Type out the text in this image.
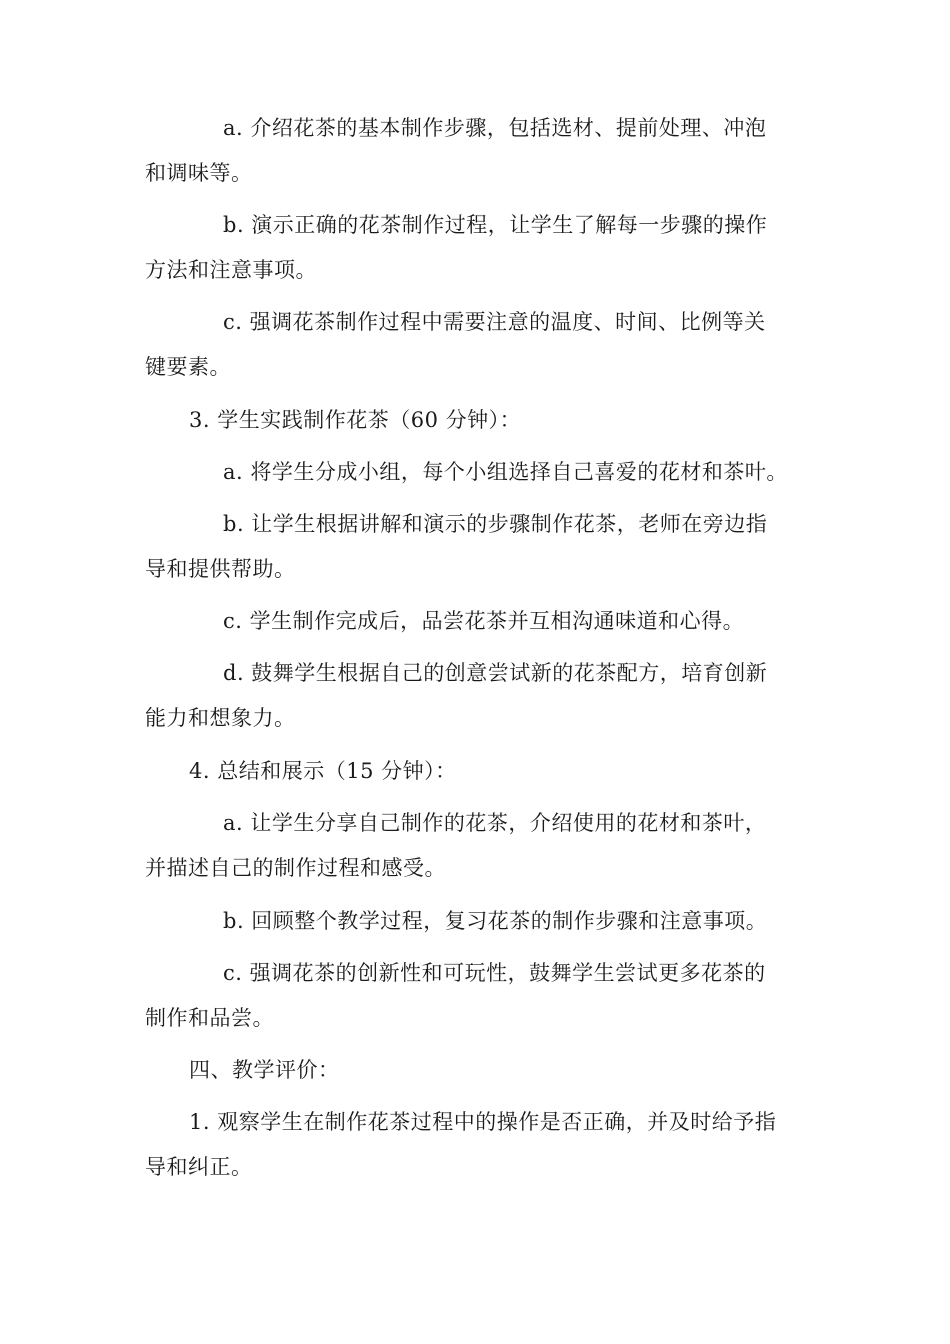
a. 介绍花茶的基本制作步骤，包括选材、提前处理、冲泡
和调味等。
b. 演示正确的花茶制作过程，让学生了解每一步骤的操作
方法和注意事项。
c. 强调花茶制作过程中需要注意的温度、时间、比例等关
键要素。
3. 学生实践制作花茶（60 分钟）：
a. 将学生分成小组，每个小组选择自己喜爱的花材和茶叶。
b. 让学生根据讲解和演示的步骤制作花茶，老师在旁边指
导和提供帮助。
c. 学生制作完成后，品尝花茶并互相沟通味道和心得。
d. 鼓舞学生根据自己的创意尝试新的花茶配方，培育创新
能力和想象力。
4. 总结和展示（15 分钟）：
a. 让学生分享自己制作的花茶，介绍使用的花材和茶叶，
并描述自己的制作过程和感受。
b. 回顾整个教学过程，复习花茶的制作步骤和注意事项。
c. 强调花茶的创新性和可玩性，鼓舞学生尝试更多花茶的
制作和品尝。
四、教学评价：
1. 观察学生在制作花茶过程中的操作是否正确，并及时给予指
导和纠正。
